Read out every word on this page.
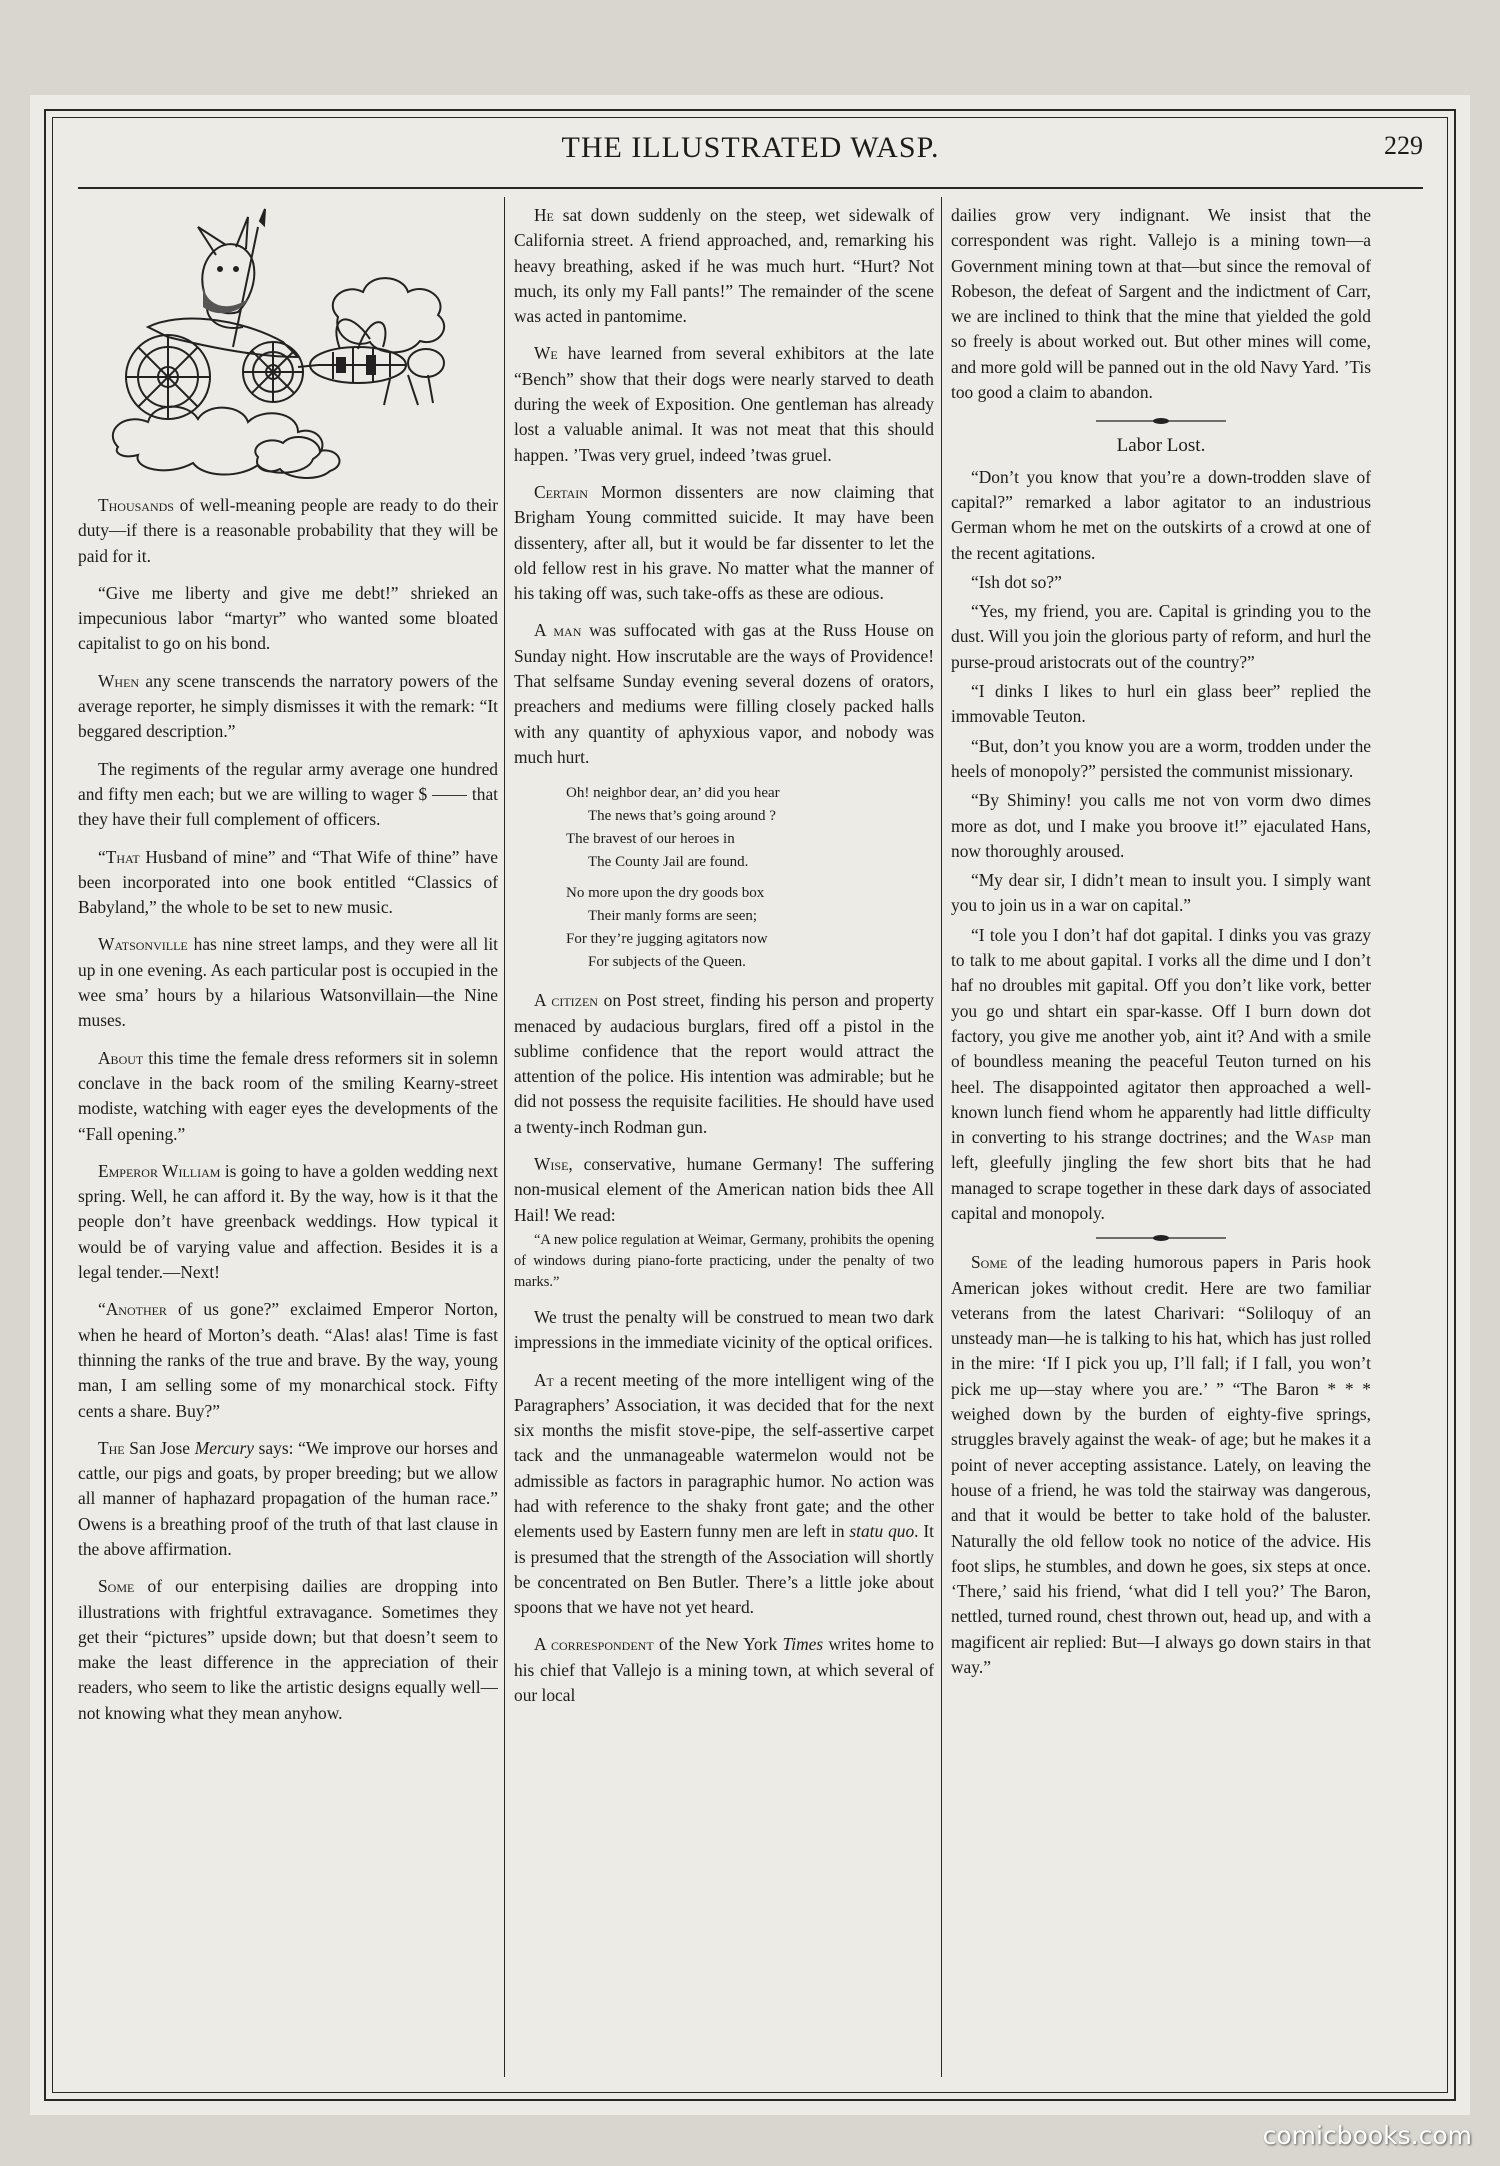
THE ILLUSTRATED WASP.	229

Thousands of well-meaning people are ready to do their duty—if there is a reasonable probability that they will be paid for it.

“Give me liberty and give me debt!” shrieked an impecunious labor “martyr” who wanted some bloated capitalist to go on his bond.

When any scene transcends the narratory powers of the average reporter, he simply dismisses it with the remark: “It beggared description.”

The regiments of the regular army average one hundred and fifty men each; but we are willing to wager $ —— that they have their full complement of officers.

“That Husband of mine” and “That Wife of thine” have been incorporated into one book entitled “Classics of Babyland,” the whole to be set to new music.

Watsonville has nine street lamps, and they were all lit up in one evening. As each particular post is occupied in the wee sma’ hours by a hilarious Watsonvillain—the Nine muses.

About this time the female dress reformers sit in solemn conclave in the back room of the smiling Kearny-street modiste, watching with eager eyes the developments of the “Fall opening.”

Emperor William is going to have a golden wedding next spring. Well, he can afford it. By the way, how is it that the people don’t have greenback weddings. How typical it would be of varying value and affection. Besides it is a legal tender.—Next!

“Another of us gone?” exclaimed Emperor Norton, when he heard of Morton’s death. “Alas! alas! Time is fast thinning the ranks of the true and brave. By the way, young man, I am selling some of my monarchical stock. Fifty cents a share. Buy?”

The San Jose Mercury says: “We improve our horses and cattle, our pigs and goats, by proper breeding; but we allow all manner of haphazard propagation of the human race.” Owens is a breathing proof of the truth of that last clause in the above affirmation.

Some of our enterpising dailies are dropping into illustrations with frightful extravagance. Sometimes they get their “pictures” upside down; but that doesn’t seem to make the least difference in the appreciation of their readers, who seem to like the artistic designs equally well—not knowing what they mean anyhow.

He sat down suddenly on the steep, wet sidewalk of California street. A friend approached, and, remarking his heavy breathing, asked if he was much hurt. “Hurt? Not much, its only my Fall pants!” The remainder of the scene was acted in pantomime.

We have learned from several exhibitors at the late “Bench” show that their dogs were nearly starved to death during the week of Exposition. One gentleman has already lost a valuable animal. It was not meat that this should happen. ’Twas very gruel, indeed ’twas gruel.

Certain Mormon dissenters are now claiming that Brigham Young committed suicide. It may have been dissentery, after all, but it would be far dissenter to let the old fellow rest in his grave. No matter what the manner of his taking off was, such take-offs as these are odious.

A man was suffocated with gas at the Russ House on Sunday night. How inscrutable are the ways of Providence! That selfsame Sunday evening several dozens of orators, preachers and mediums were filling closely packed halls with any quantity of aphyxious vapor, and nobody was much hurt.

Oh! neighbor dear, an’ did you hear
The news that’s going around ?
The bravest of our heroes in
The County Jail are found.
No more upon the dry goods box
Their manly forms are seen;
For they’re jugging agitators now
For subjects of the Queen.

A citizen on Post street, finding his person and property menaced by audacious burglars, fired off a pistol in the sublime confidence that the report would attract the attention of the police. His intention was admirable; but he did not possess the requisite facilities. He should have used a twenty-inch Rodman gun.

Wise, conservative, humane Germany! The suffering non-musical element of the American nation bids thee All Hail! We read:

“A new police regulation at Weimar, Germany, prohibits the opening of windows during piano-forte practicing, under the penalty of two marks.”

We trust the penalty will be construed to mean two dark impressions in the immediate vicinity of the optical orifices.

At a recent meeting of the more intelligent wing of the Paragraphers’ Association, it was decided that for the next six months the misfit stove-pipe, the self-assertive carpet tack and the unmanageable watermelon would not be admissible as factors in paragraphic humor. No action was had with reference to the shaky front gate; and the other elements used by Eastern funny men are left in statu quo. It is presumed that the strength of the Association will shortly be concentrated on Ben Butler. There’s a little joke about spoons that we have not yet heard.

A correspondent of the New York Times writes home to his chief that Vallejo is a mining town, at which several of our local

dailies grow very indignant. We insist that the correspondent was right. Vallejo is a mining town—a Government mining town at that—but since the removal of Robeson, the defeat of Sargent and the indictment of Carr, we are inclined to think that the mine that yielded the gold so freely is about worked out. But other mines will come, and more gold will be panned out in the old Navy Yard. ’Tis too good a claim to abandon.

Labor Lost.

“Don’t you know that you’re a down-trodden slave of capital?” remarked a labor agitator to an industrious German whom he met on the outskirts of a crowd at one of the recent agitations.

“Ish dot so?”

“Yes, my friend, you are. Capital is grinding you to the dust. Will you join the glorious party of reform, and hurl the purse-proud aristocrats out of the country?”

“I dinks I likes to hurl ein glass beer” replied the immovable Teuton.

“But, don’t you know you are a worm, trodden under the heels of monopoly?” persisted the communist missionary.

“By Shiminy! you calls me not von vorm dwo dimes more as dot, und I make you broove it!” ejaculated Hans, now thoroughly aroused.

“My dear sir, I didn’t mean to insult you. I simply want you to join us in a war on capital.”

“I tole you I don’t haf dot gapital. I dinks you vas grazy to talk to me about gapital. I vorks all the dime und I don’t haf no droubles mit gapital. Off you don’t like vork, better you go und shtart ein spar-kasse. Off I burn down dot factory, you give me another yob, aint it? And with a smile of boundless meaning the peaceful Teuton turned on his heel. The disappointed agitator then approached a well-known lunch fiend whom he apparently had little difficulty in converting to his strange doctrines; and the Wasp man left, gleefully jingling the few short bits that he had managed to scrape together in these dark days of associated capital and monopoly.

Some of the leading humorous papers in Paris hook American jokes without credit. Here are two familiar veterans from the latest Charivari: “Soliloquy of an unsteady man—he is talking to his hat, which has just rolled in the mire: ‘If I pick you up, I’ll fall; if I fall, you won’t pick me up—stay where you are.’ ” “The Baron * * * weighed down by the burden of eighty-five springs, struggles bravely against the weak- of age; but he makes it a point of never accepting assistance. Lately, on leaving the house of a friend, he was told the stairway was dangerous, and that it would be better to take hold of the baluster. Naturally the old fellow took no notice of the advice. His foot slips, he stumbles, and down he goes, six steps at once. ‘There,’ said his friend, ‘what did I tell you?’ The Baron, nettled, turned round, chest thrown out, head up, and with a magificent air replied: But—I always go down stairs in that way.”

comicbooks.com
